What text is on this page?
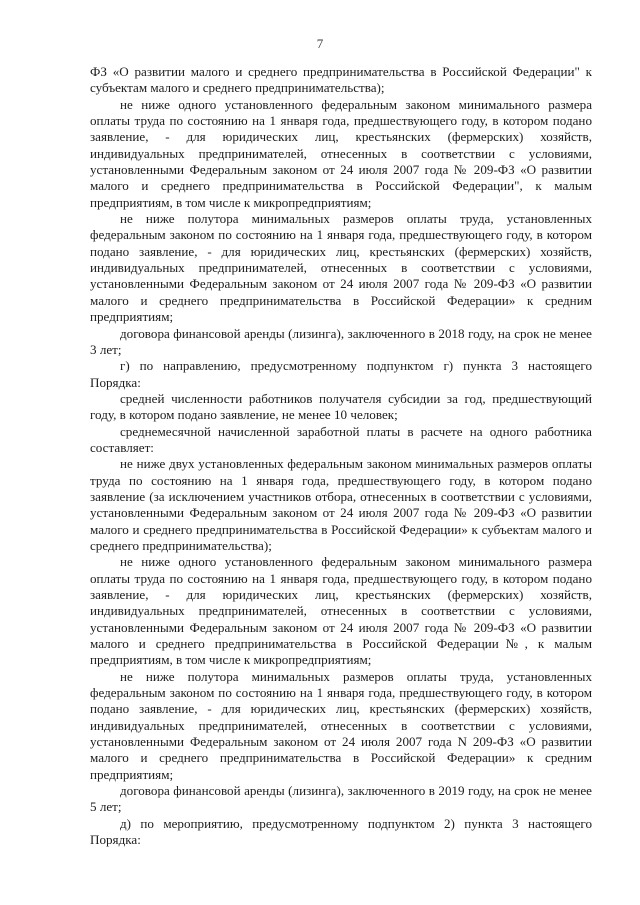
7

ФЗ «О развитии малого и среднего предпринимательства в Российской Федерации" к субъектам малого и среднего предпринимательства);

не ниже одного установленного федеральным законом минимального размера оплаты труда по состоянию на 1 января года, предшествующего году, в котором подано заявление, - для юридических лиц, крестьянских (фермерских) хозяйств, индивидуальных предпринимателей, отнесенных в соответствии с условиями, установленными Федеральным законом от 24 июля 2007 года № 209-ФЗ «О развитии малого и среднего предпринимательства в Российской Федерации", к малым предприятиям, в том числе к микропредприятиям;

не ниже полутора минимальных размеров оплаты труда, установленных федеральным законом по состоянию на 1 января года, предшествующего году, в котором подано заявление, - для юридических лиц, крестьянских (фермерских) хозяйств, индивидуальных предпринимателей, отнесенных в соответствии с условиями, установленными Федеральным законом от 24 июля 2007 года № 209-ФЗ «О развитии малого и среднего предпринимательства в Российской Федерации» к средним предприятиям;

договора финансовой аренды (лизинга), заключенного в 2018 году, на срок не менее 3 лет;

г) по направлению, предусмотренному подпунктом г) пункта 3 настоящего Порядка:

средней численности работников получателя субсидии за год, предшествующий году, в котором подано заявление, не менее 10 человек;

среднемесячной начисленной заработной платы в расчете на одного работника составляет:

не ниже двух установленных федеральным законом минимальных размеров оплаты труда по состоянию на 1 января года, предшествующего году, в котором подано заявление (за исключением участников отбора, отнесенных в соответствии с условиями, установленными Федеральным законом от 24 июля 2007 года № 209-ФЗ «О развитии малого и среднего предпринимательства в Российской Федерации» к субъектам малого и среднего предпринимательства);

не ниже одного установленного федеральным законом минимального размера оплаты труда по состоянию на 1 января года, предшествующего году, в котором подано заявление, - для юридических лиц, крестьянских (фермерских) хозяйств, индивидуальных предпринимателей, отнесенных в соответствии с условиями, установленными Федеральным законом от 24 июля 2007 года № 209-ФЗ «О развитии малого и среднего предпринимательства в Российской Федерации№, к малым предприятиям, в том числе к микропредприятиям;

не ниже полутора минимальных размеров оплаты труда, установленных федеральным законом по состоянию на 1 января года, предшествующего году, в котором подано заявление, - для юридических лиц, крестьянских (фермерских) хозяйств, индивидуальных предпринимателей, отнесенных в соответствии с условиями, установленными Федеральным законом от 24 июля 2007 года N 209-ФЗ «О развитии малого и среднего предпринимательства в Российской Федерации» к средним предприятиям;

договора финансовой аренды (лизинга), заключенного в 2019 году, на срок не менее 5 лет;

д) по мероприятию, предусмотренному подпунктом 2) пункта 3 настоящего Порядка:
